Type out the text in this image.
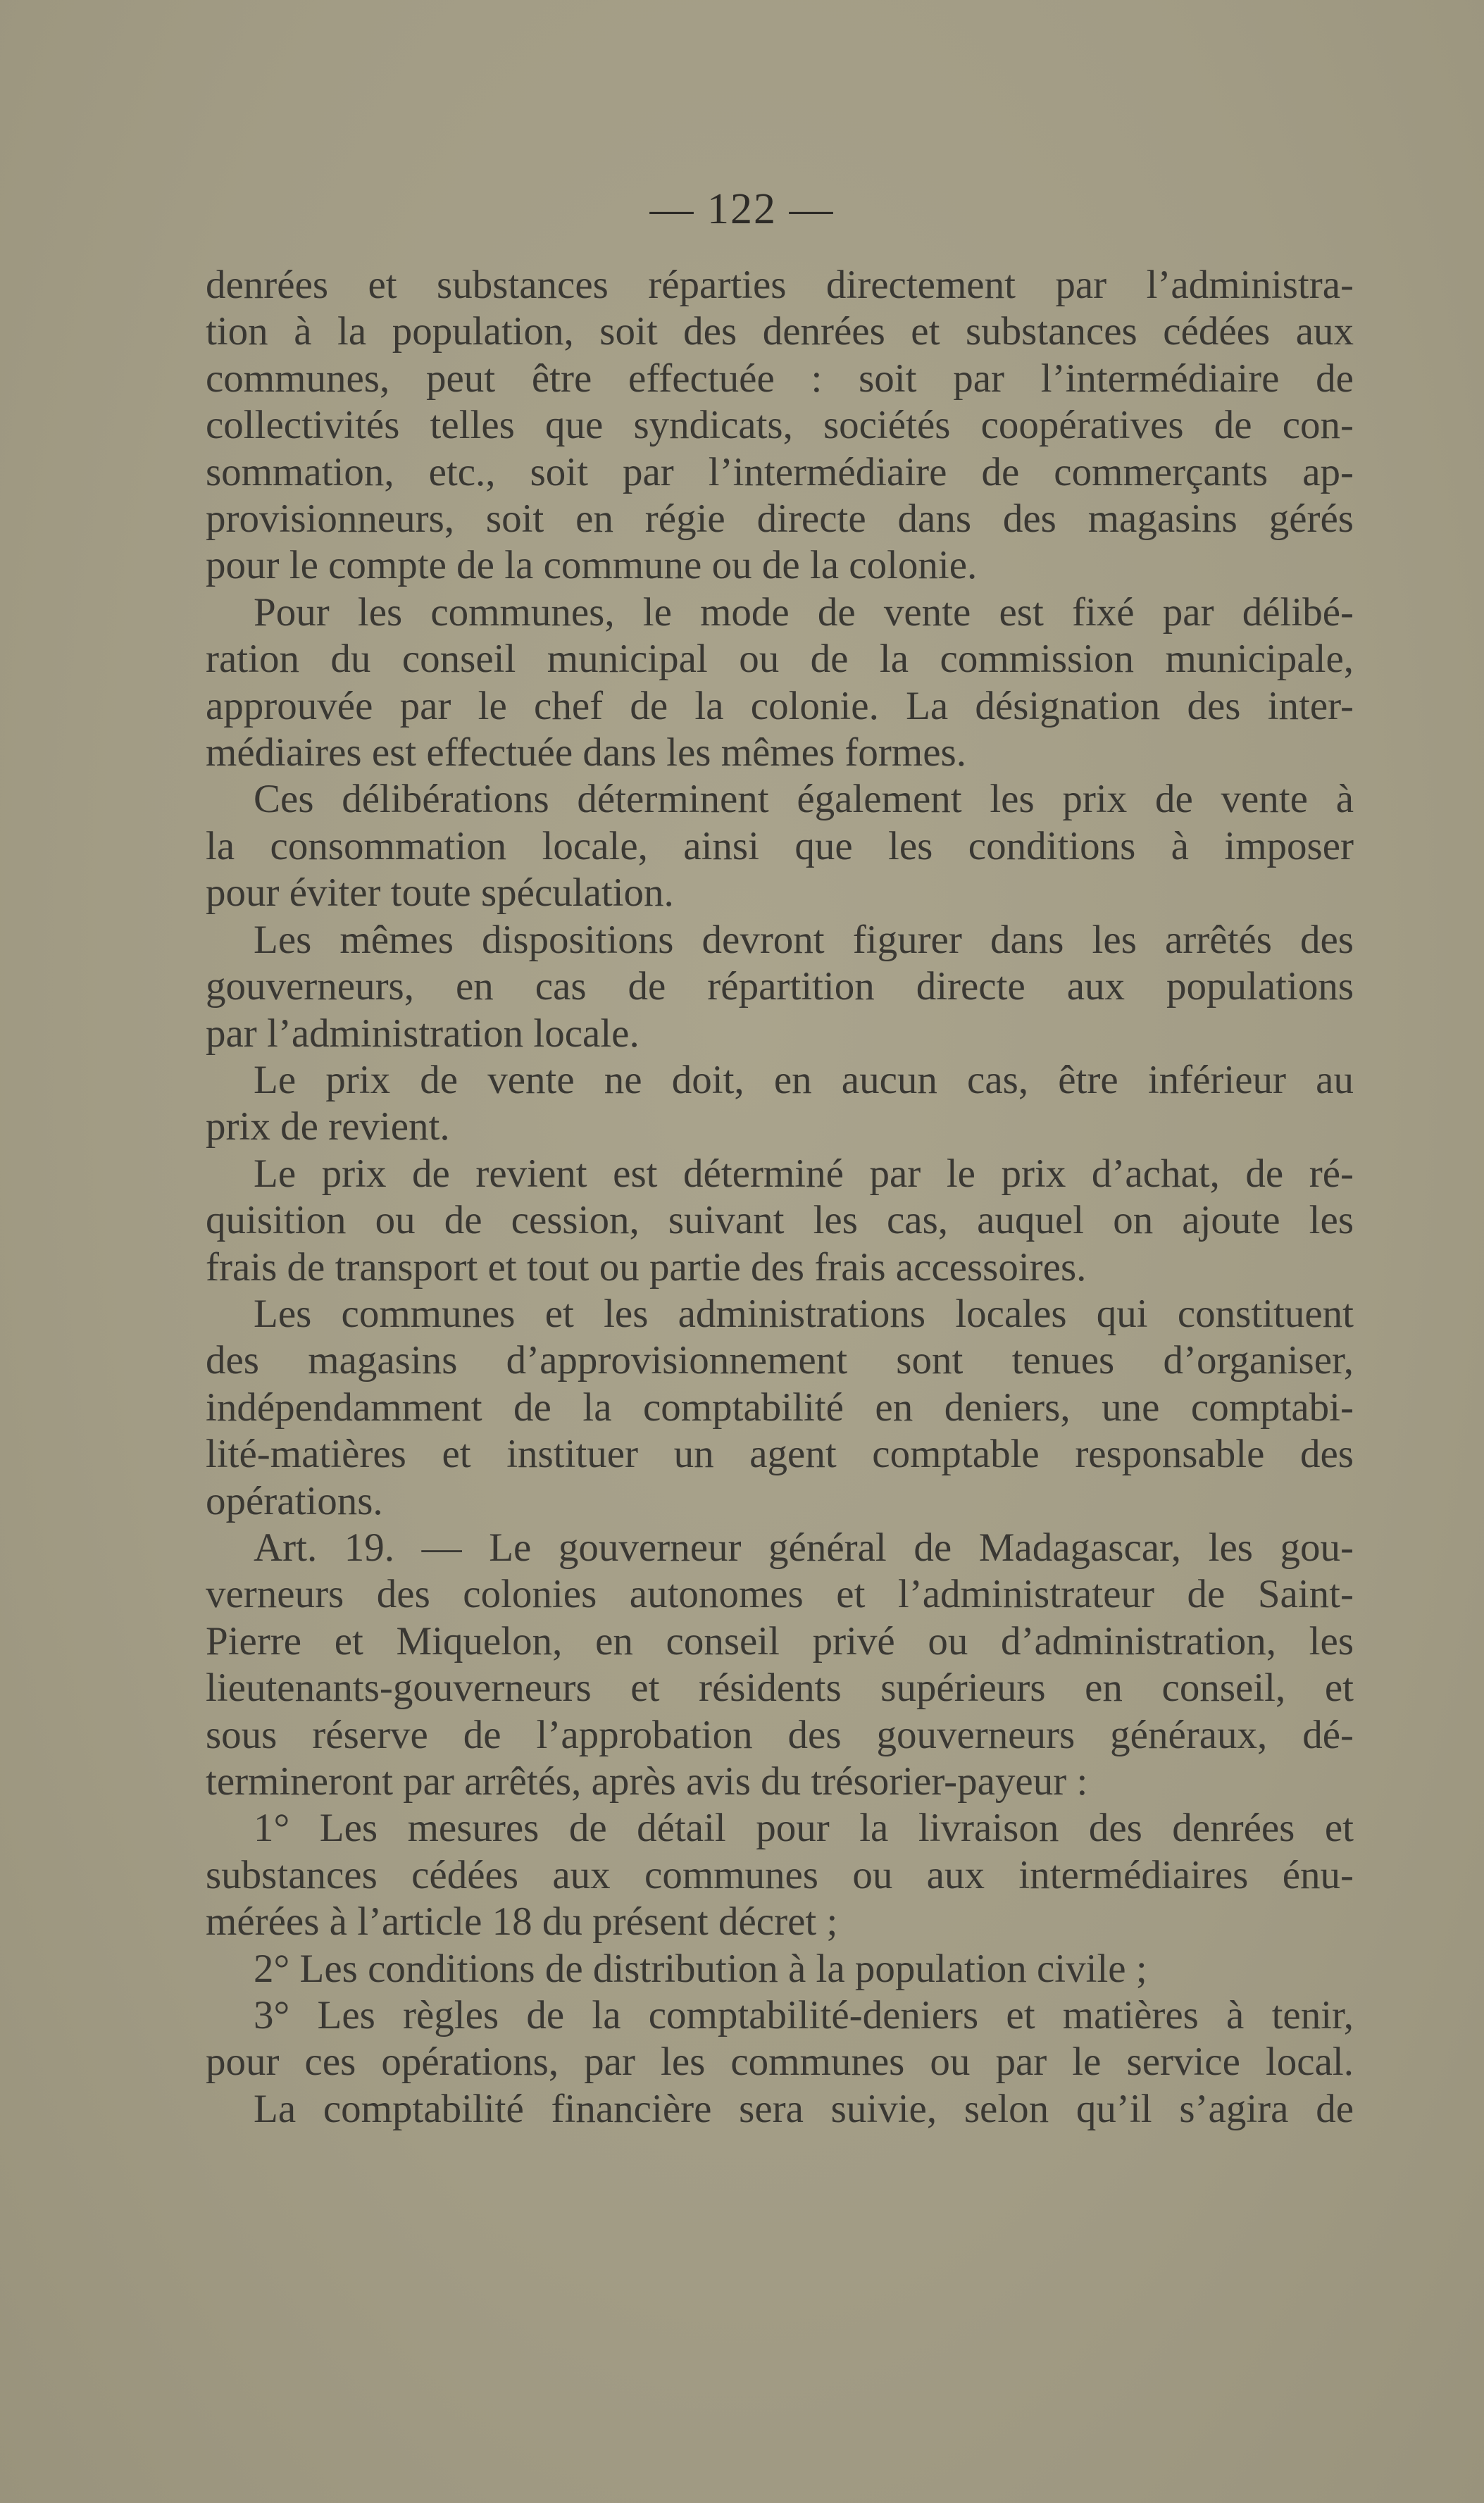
— 122 —

denrées et substances réparties directement par l’administra-

tion à la population, soit des denrées et substances cédées aux

communes, peut être effectuée : soit par l’intermédiaire de

collectivités telles que syndicats, sociétés coopératives de con-

sommation, etc., soit par l’intermédiaire de commerçants ap-

provisionneurs, soit en régie directe dans des magasins gérés

pour le compte de la commune ou de la colonie.

Pour les communes, le mode de vente est fixé par délibé-

ration du conseil municipal ou de la commission municipale,

approuvée par le chef de la colonie. La désignation des inter-

médiaires est effectuée dans les mêmes formes.

Ces délibérations déterminent également les prix de vente à

la consommation locale, ainsi que les conditions à imposer

pour éviter toute spéculation.

Les mêmes dispositions devront figurer dans les arrêtés des

gouverneurs, en cas de répartition directe aux populations

par l’administration locale.

Le prix de vente ne doit, en aucun cas, être inférieur au

prix de revient.

Le prix de revient est déterminé par le prix d’achat, de ré-

quisition ou de cession, suivant les cas, auquel on ajoute les

frais de transport et tout ou partie des frais accessoires.

Les communes et les administrations locales qui constituent

des magasins d’approvisionnement sont tenues d’organiser,

indépendamment de la comptabilité en deniers, une comptabi-

lité-matières et instituer un agent comptable responsable des

opérations.

Art. 19. — Le gouverneur général de Madagascar, les gou-

verneurs des colonies autonomes et l’administrateur de Saint-

Pierre et Miquelon, en conseil privé ou d’administration, les

lieutenants-gouverneurs et résidents supérieurs en conseil, et

sous réserve de l’approbation des gouverneurs généraux, dé-

termineront par arrêtés, après avis du trésorier-payeur :

1° Les mesures de détail pour la livraison des denrées et

substances cédées aux communes ou aux intermédiaires énu-

mérées à l’article 18 du présent décret ;

2° Les conditions de distribution à la population civile ;

3° Les règles de la comptabilité-deniers et matières à tenir,

pour ces opérations, par les communes ou par le service local.

La comptabilité financière sera suivie, selon qu’il s’agira de
